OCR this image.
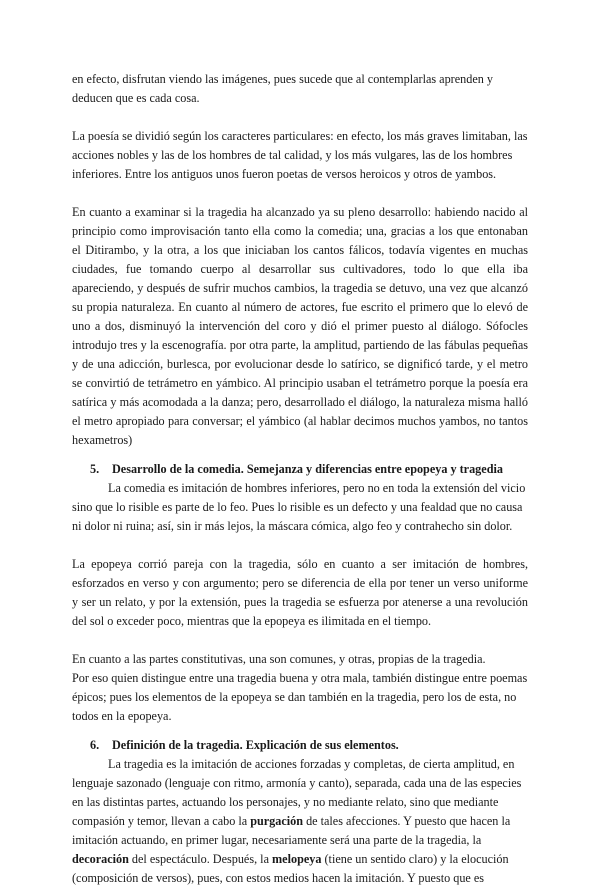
en efecto, disfrutan viendo las imágenes, pues sucede que al contemplarlas aprenden y deducen que es cada cosa.

La poesía se dividió según los caracteres particulares: en efecto, los más graves limitaban, las acciones nobles y las de los hombres de tal calidad, y los más vulgares, las de los hombres inferiores. Entre los antiguos unos fueron poetas de versos heroicos y otros de yambos.

En cuanto a examinar si la tragedia ha alcanzado ya su pleno desarrollo: habiendo nacido al principio como improvisación tanto ella como la comedia; una, gracias a los que entonaban el Ditirambo, y la otra, a los que iniciaban los cantos fálicos, todavía vigentes en muchas ciudades, fue tomando cuerpo al desarrollar sus cultivadores, todo lo que ella iba apareciendo, y después de sufrir muchos cambios, la tragedia se detuvo, una vez que alcanzó su propia naturaleza. En cuanto al número de actores, fue escrito el primero que lo elevó de uno a dos, disminuyó la intervención del coro y dió el primer puesto al diálogo. Sófocles introdujo tres y la escenografía. por otra parte, la amplitud, partiendo de las fábulas pequeñas y de una adicción, burlesca, por evolucionar desde lo satírico, se dignificó tarde, y el metro se convirtió de tetrámetro en yámbico. Al principio usaban el tetrámetro porque la poesía era satírica y más acomodada a la danza; pero, desarrollado el diálogo, la naturaleza misma halló el metro apropiado para conversar; el yámbico (al hablar decimos muchos yambos, no tantos hexametros)

5. Desarrollo de la comedia. Semejanza y diferencias entre epopeya y tragedia

La comedia es imitación de hombres inferiores, pero no en toda la extensión del vicio sino que lo risible es parte de lo feo. Pues lo risible es un defecto y una fealdad que no causa ni dolor ni ruina; así, sin ir más lejos, la máscara cómica, algo feo y contrahecho sin dolor.

La epopeya corrió pareja con la tragedia, sólo en cuanto a ser imitación de hombres, esforzados en verso y con argumento; pero se diferencia de ella por tener un verso uniforme y ser un relato, y por la extensión, pues la tragedia se esfuerza por atenerse a una revolución del sol o exceder poco, mientras que la epopeya es ilimitada en el tiempo.

En cuanto a las partes constitutivas, una son comunes, y otras, propias de la tragedia.

Por eso quien distingue entre una tragedia buena y otra mala, también distingue entre poemas épicos; pues los elementos de la epopeya se dan también en la tragedia, pero los de esta, no todos en la epopeya.

6. Definición de la tragedia. Explicación de sus elementos.

La tragedia es la imitación de acciones forzadas y completas, de cierta amplitud, en lenguaje sazonado (lenguaje con ritmo, armonía y canto), separada, cada una de las especies en las distintas partes, actuando los personajes, y no mediante relato, sino que mediante compasión y temor, llevan a cabo la purgación de tales afecciones. Y puesto que hacen la imitación actuando, en primer lugar, necesariamente será una parte de la tragedia, la decoración del espectáculo. Después, la melopeya (tiene un sentido claro) y la elocución (composición de versos), pues, con estos medios hacen la imitación. Y puesto que es
